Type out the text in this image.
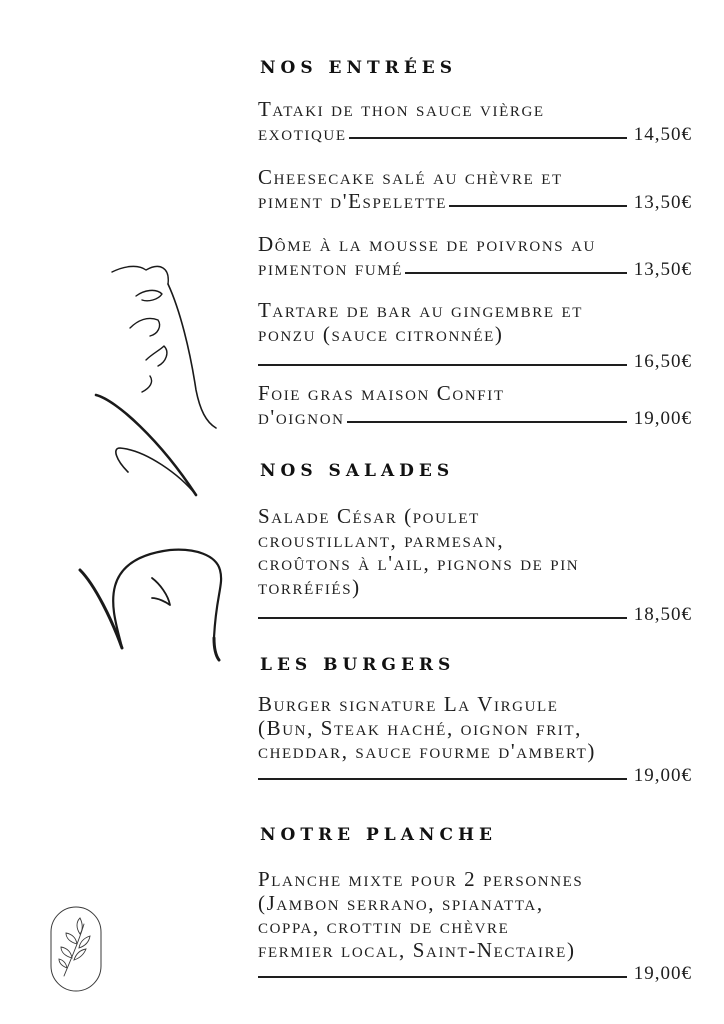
NOS ENTRÉES
Tataki de thon sauce vièrge
exotique	14,50€
Cheesecake salé au chèvre et
piment d'Espelette	13,50€
Dôme à la mousse de poivrons au
pimenton fumé	13,50€
Tartare de bar au gingembre et
ponzu (sauce citronnée)
16,50€
Foie gras maison Confit
d'oignon	19,00€
NOS SALADES
Salade César (poulet
croustillant, parmesan,
croûtons à l'ail, pignons de pin
torréfiés)
18,50€
LES BURGERS
Burger signature La Virgule
(Bun, Steak haché, oignon frit,
cheddar, sauce fourme d'ambert)
19,00€
NOTRE PLANCHE
Planche mixte pour 2 personnes
(Jambon serrano, spianatta,
coppa, crottin de chèvre
fermier local, Saint-Nectaire)
19,00€
